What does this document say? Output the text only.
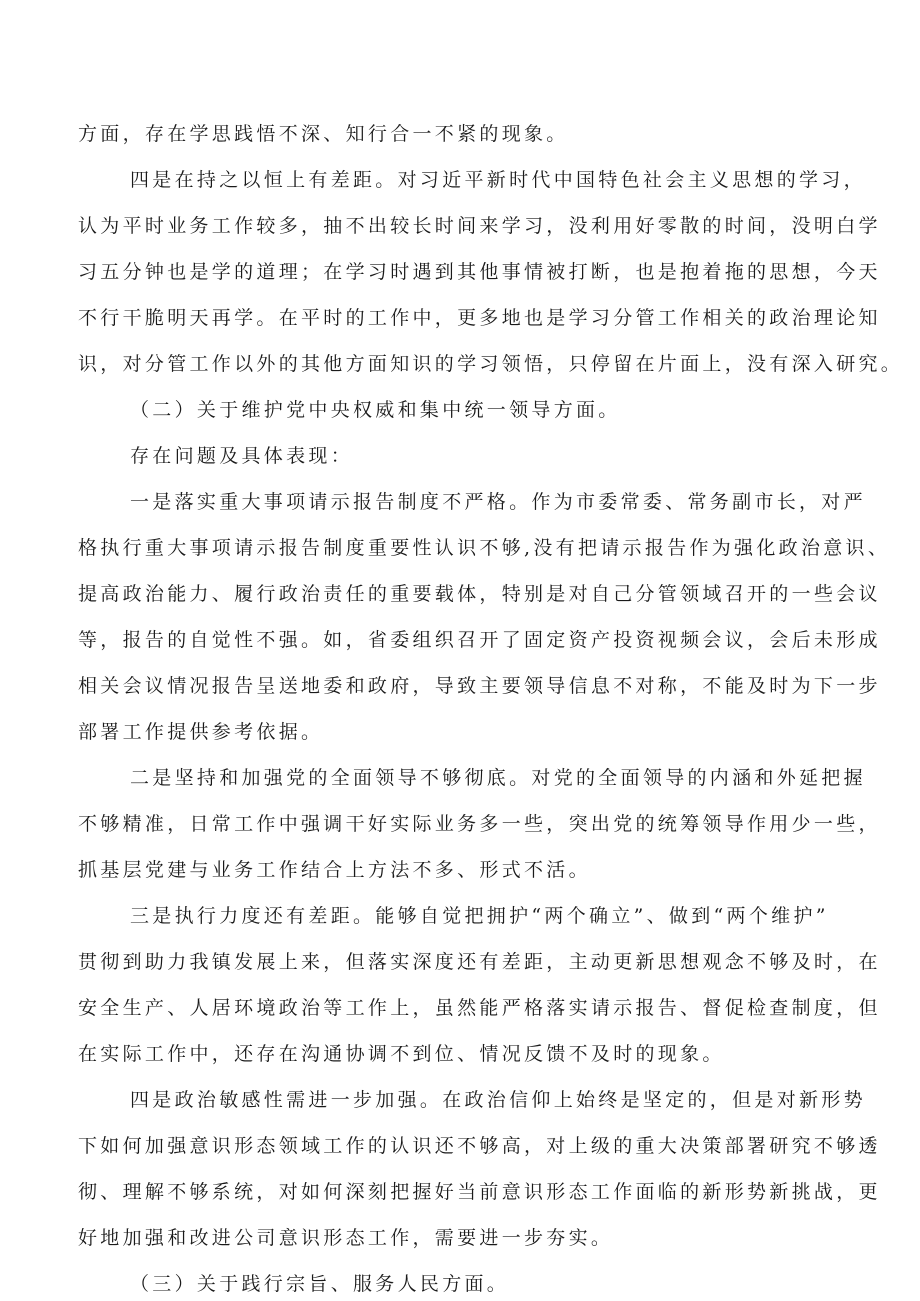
方面，存在学思践悟不深、知行合一不紧的现象。
四是在持之以恒上有差距。对习近平新时代中国特色社会主义思想的学习，
认为平时业务工作较多，抽不出较长时间来学习，没利用好零散的时间，没明白学
习五分钟也是学的道理；在学习时遇到其他事情被打断，也是抱着拖的思想，今天
不行干脆明天再学。在平时的工作中，更多地也是学习分管工作相关的政治理论知
识，对分管工作以外的其他方面知识的学习领悟，只停留在片面上，没有深入研究。
（二）关于维护党中央权威和集中统一领导方面。
存在问题及具体表现：
一是落实重大事项请示报告制度不严格。作为市委常委、常务副市长，对严
格执行重大事项请示报告制度重要性认识不够,没有把请示报告作为强化政治意识、
提高政治能力、履行政治责任的重要载体，特别是对自己分管领域召开的一些会议
等，报告的自觉性不强。如，省委组织召开了固定资产投资视频会议，会后未形成
相关会议情况报告呈送地委和政府，导致主要领导信息不对称，不能及时为下一步
部署工作提供参考依据。
二是坚持和加强党的全面领导不够彻底。对党的全面领导的内涵和外延把握
不够精准，日常工作中强调干好实际业务多一些，突出党的统筹领导作用少一些，
抓基层党建与业务工作结合上方法不多、形式不活。
三是执行力度还有差距。能够自觉把拥护“两个确立”、做到“两个维护”
贯彻到助力我镇发展上来，但落实深度还有差距，主动更新思想观念不够及时，在
安全生产、人居环境政治等工作上，虽然能严格落实请示报告、督促检查制度，但
在实际工作中，还存在沟通协调不到位、情况反馈不及时的现象。
四是政治敏感性需进一步加强。在政治信仰上始终是坚定的，但是对新形势
下如何加强意识形态领域工作的认识还不够高，对上级的重大决策部署研究不够透
彻、理解不够系统，对如何深刻把握好当前意识形态工作面临的新形势新挑战，更
好地加强和改进公司意识形态工作，需要进一步夯实。
（三）关于践行宗旨、服务人民方面。
